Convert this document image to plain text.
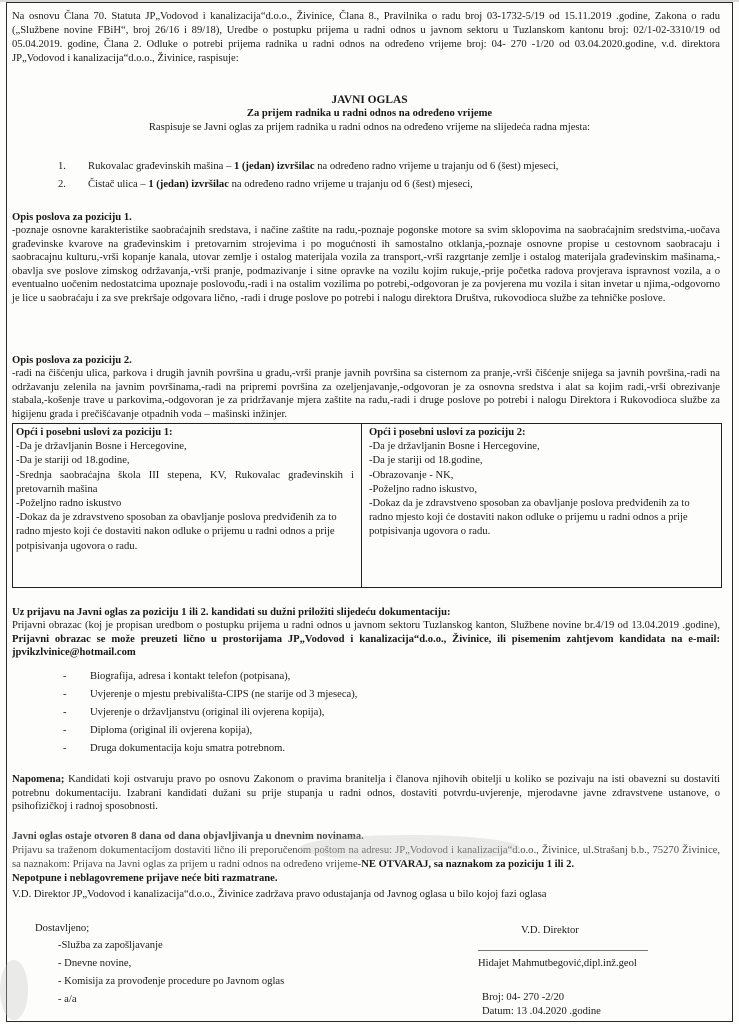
Na osnovu Člana 70. Statuta JP„Vodovod i kanalizacija“d.o.o., Živinice, Člana 8., Pravilnika o radu broj 03-1732-5/19 od 15.11.2019 .godine, Zakona o radu („Službene novine FBiH“, broj 26/16 i 89/18), Uredbe o postupku prijema u radni odnos u javnom sektoru u Tuzlanskom kantonu broj: 02/1-02-3310/19 od 05.04.2019. godine, Člana 2. Odluke o potrebi prijema radnika u radni odnos na određeno vrijeme broj: 04- 270 -1/20 od 03.04.2020.godine, v.d. direktora JP„Vodovod i kanalizacija“d.o.o., Živinice, raspisuje:
JAVNI OGLAS
Za prijem radnika u radni odnos na određeno vrijeme
Raspisuje se Javni oglas za prijem radnika u radni odnos na određeno vrijeme na slijedeća radna mjesta:
1. Rukovalac građevinskih mašina – 1 (jedan) izvršilac na određeno radno vrijeme u trajanju od 6 (šest) mjeseci,
2. Čistač ulica – 1 (jedan) izvršilac na određeno radno vrijeme u trajanju od 6 (šest) mjeseci,
Opis poslova za poziciju 1.
-poznaje osnovne karakteristike saobraćajnih sredstava, i načine zaštite na radu,-poznaje pogonske motore sa svim sklopovima na saobraćajnim sredstvima,-uočava građevinske kvarove na građevinskim i pretovarnim strojevima i po mogućnosti ih samostalno otklanja,-poznaje osnovne propise u cestovnom saobracaju i saobracajnu kulturu,-vrši kopanje kanala, utovar zemlje i ostalog materijala vozila za transport,-vrši razgrtanje zemlje i ostalog materijala građevinskim mašinama,-obavlja sve poslove zimskog održavanja,-vrši pranje, podmazivanje i sitne opravke na vozilu kojim rukuje,-prije početka radova provjerava ispravnost vozila, a o eventualno uočenim nedostatcima upoznaje poslovođu,-radi i na ostalim vozilima po potrebi,-odgovoran je za povjerena mu vozila i sitan invetar u njima,-odgovorno je lice u saobraćaju i za sve prekršaje odgovara lično, -radi i druge poslove po potrebi i nalogu direktora Društva, rukovodioca službe za tehničke poslove.
Opis poslova za poziciju 2.
-radi na čišćenju ulica, parkova i drugih javnih površina u gradu,-vrši pranje javnih površina sa cisternom za pranje,-vrši čišćenje snijega sa javnih površina,-radi na održavanju zelenila na javnim površinama,-radi na pripremi površina za ozeljenjavanje,-odgovoran je za osnovna sredstva i alat sa kojim radi,-vrši obrezivanje stabala,-košenje trave u parkovima,-odgovoran je za pridržavanje mjera zaštite na radu,-radi i druge poslove po potrebi i nalogu Direktora i Rukovodioca službe za higijenu grada i prečišćavanje otpadnih voda – mašinski inžinjer.
Opći i posebni uslovi za poziciju 1:
-Da je državljanin Bosne i Hercegovine,
-Da je stariji od 18.godine,
-Srednja saobraćajna škola III stepena, KV, Rukovalac građevinskih i pretovarnih mašina
-Poželjno radno iskustvo
-Dokaz da je zdravstveno sposoban za obavljanje poslova predviđenih za to radno mjesto koji će dostaviti nakon odluke o prijemu u radni odnos a prije potpisivanja ugovora o radu.
Opći i posebni uslovi za poziciju 2:
-Da je državljanin Bosne i Hercegovine,
-Da je stariji od 18.godine,
-Obrazovanje - NK,
-Poželjno radno iskustvo,
-Dokaz da je zdravstveno sposoban za obavljanje poslova predviđenih za to radno mjesto koji će dostaviti nakon odluke o prijemu u radni odnos a prije potpisivanja ugovora o radu.
Uz prijavu na Javni oglas za poziciju 1 ili 2. kandidati su dužni priložiti slijedeću dokumentaciju:
Prijavni obrazac (koj je propisan uredbom o postupku prijema u radni odnos u javnom sektoru Tuzlanskog kanton, Službene novine br.4/19 od 13.04.2019 .godine), Prijavni obrazac se može preuzeti lično u prostorijama JP„Vodovod i kanalizacija“d.o.o., Živinice, ili pisemenim zahtjevom kandidata na e-mail: jpvikzlvinice@hotmail.com
- Biografija, adresa i kontakt telefon (potpisana),
- Uvjerenje o mjestu prebivališta-CIPS (ne starije od 3 mjeseca),
- Uvjerenje o državljanstvu (original ili ovjerena kopija),
- Diploma (original ili ovjerena kopija),
- Druga dokumentacija koju smatra potrebnom.
Napomena; Kandidati koji ostvaruju pravo po osnovu Zakonom o pravima branitelja i članova njihovih obitelji u koliko se pozivaju na isti obavezni su dostaviti potrebnu dokumentaciju. Izabrani kandidati dužani su prije stupanja u radni odnos, dostaviti potvrdu-uvjerenje, mjerodavne javne zdravstvene ustanove, o psihofizičkoj i radnoj sposobnosti.
Javni oglas ostaje otvoren 8 dana od dana objavljivanja u dnevnim novinama.
Prijavu sa traženom dokumentacijom dostaviti lično ili preporučenom poštom na adresu: JP„Vodovod i kanalizacija“d.o.o., Živinice, ul.Strašanj b.b., 75270 Živinice, sa naznakom: Prijava na Javni oglas za prijem u radni odnos na određeno vrijeme-NE OTVARAJ, sa naznakom za poziciju 1 ili 2.
Nepotpune i neblagovremene prijave neće biti razmatrane.
V.D. Direktor JP„Vodovod i kanalizacija“d.o.o., Živinice zadržava pravo odustajanja od Javnog oglasa u bilo kojoj fazi oglasa
Dostavljeno;
-Služba za zapošljavanje
- Dnevne novine,
- Komisija za provođenje procedure po Javnom oglas
- a/a
V.D. Direktor
Hidajet Mahmutbegović,dipl.inž.geol
Broj: 04- 270 -2/20
Datum: 13 .04.2020 .godine
